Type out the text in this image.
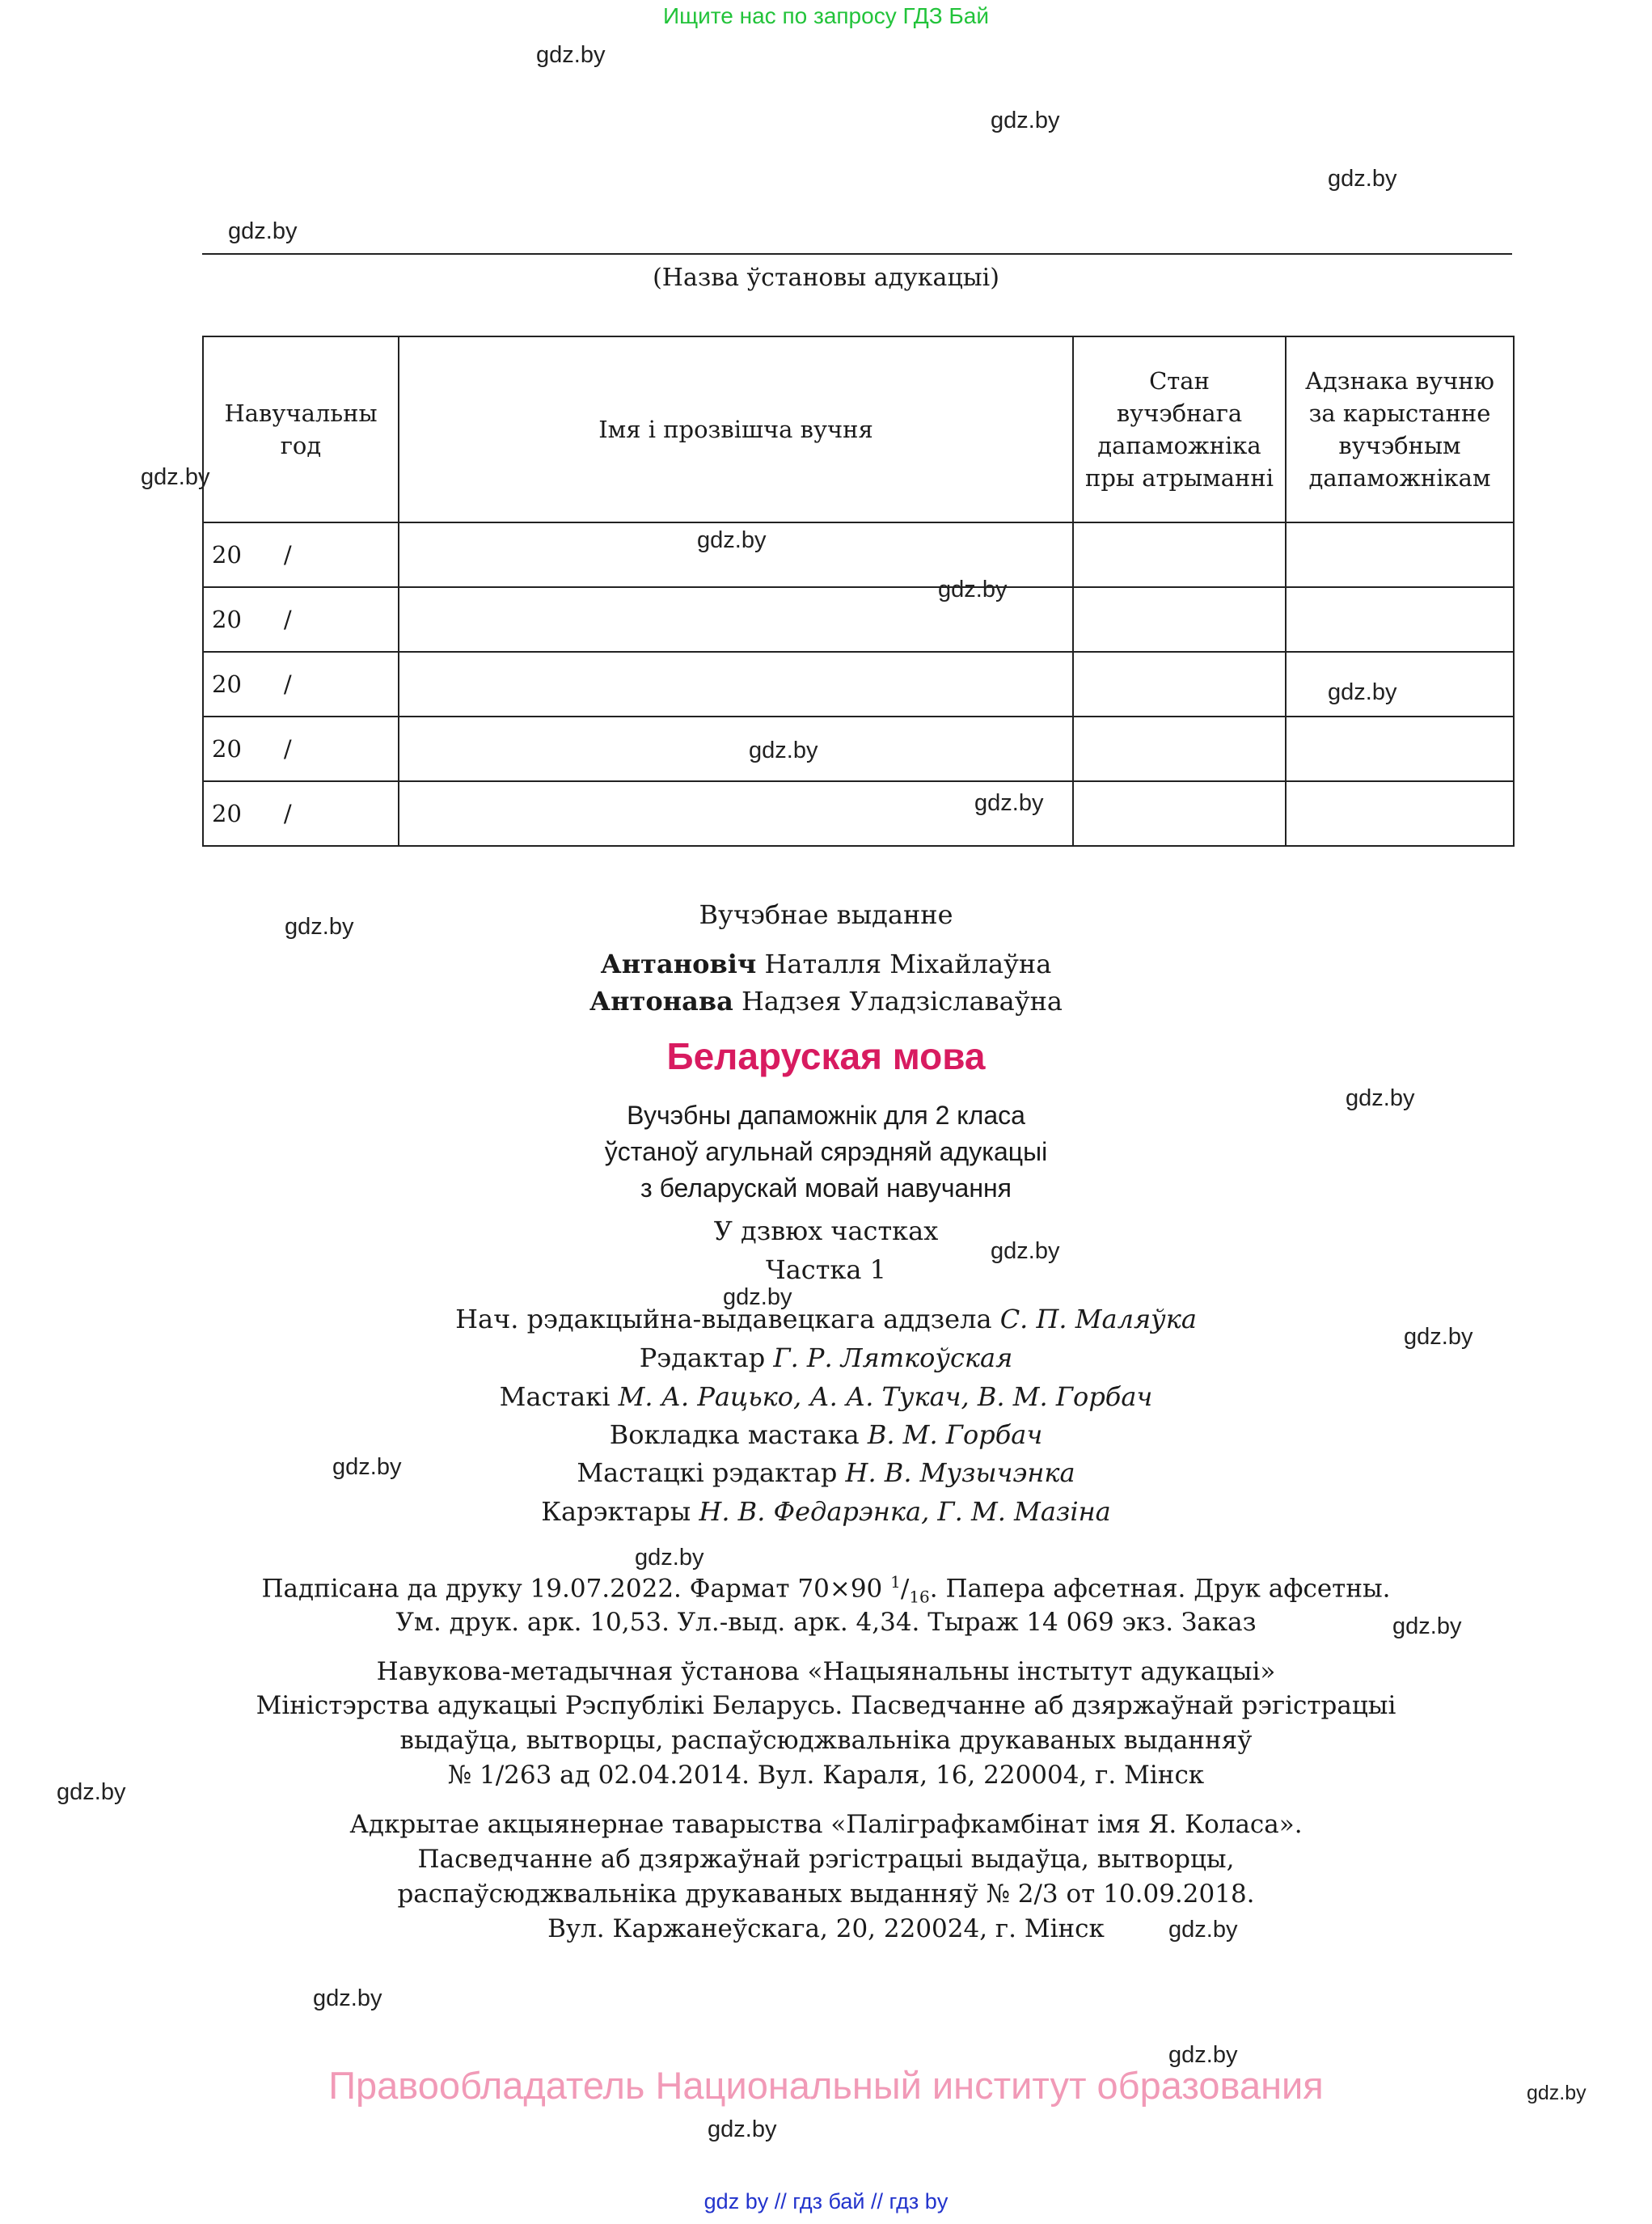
Ищите нас по запросу ГДЗ Бай
gdz.by
gdz.by
gdz.by
gdz.by
gdz.by
gdz.by
gdz.by
gdz.by
gdz.by
gdz.by
gdz.by
gdz.by
gdz.by
gdz.by
gdz.by
gdz.by
gdz.by
gdz.by
gdz.by
gdz.by
gdz.by
gdz.by
gdz.by
gdz.by
(Назва ўстановы адукацыі)
Навучальны год	Імя і прозвішча вучня	Стан вучэбнага дапаможніка пры атрыманні	Адзнака вучню за карыстанне вучэбным дапаможнікам
20 /			
20 /			
20 /			
20 /			
20 /			
Вучэбнае выданне
Антановіч Наталля Міхайлаўна
Антонава Надзея Уладзіславаўна
Беларуская мова
Вучэбны дапаможнік для 2 класа
ўстаноў агульнай сярэдняй адукацыі
з беларускай мовай навучання
У дзвюх частках
Частка 1
Нач. рэдакцыйна-выдавецкага аддзела С. П. Маляўка
Рэдактар Г. Р. Ляткоўская
Мастакі М. А. Рацько, А. А. Тукач, В. М. Горбач
Вокладка мастака В. М. Горбач
Мастацкі рэдактар Н. В. Музычэнка
Карэктары Н. В. Федарэнка, Г. М. Мазіна
Падпісана да друку 19.07.2022. Фармат 70×90 $^1/_{16}$. Папера афсетная. Друк афсетны.
Ум. друк. арк. 10,53. Ул.-выд. арк. 4,34. Тыраж 14 069 экз. Заказ
Навукова-метадычная ўстанова «Нацыянальны інстытут адукацыі»
Міністэрства адукацыі Рэспублікі Беларусь. Пасведчанне аб дзяржаўнай рэгістрацыі
выдаўца, вытворцы, распаўсюджвальніка друкаваных выданняў
№ 1/263 ад 02.04.2014. Вул. Караля, 16, 220004, г. Мінск
Адкрытае акцыянернае таварыства «Паліграфкамбінат імя Я. Коласа».
Пасведчанне аб дзяржаўнай рэгістрацыі выдаўца, вытворцы,
распаўсюджвальніка друкаваных выданняў № 2/3 от 10.09.2018.
Вул. Каржанеўскага, 20, 220024, г. Мінск
Правообладатель Национальный институт образования
gdz by // гдз бай // гдз by
